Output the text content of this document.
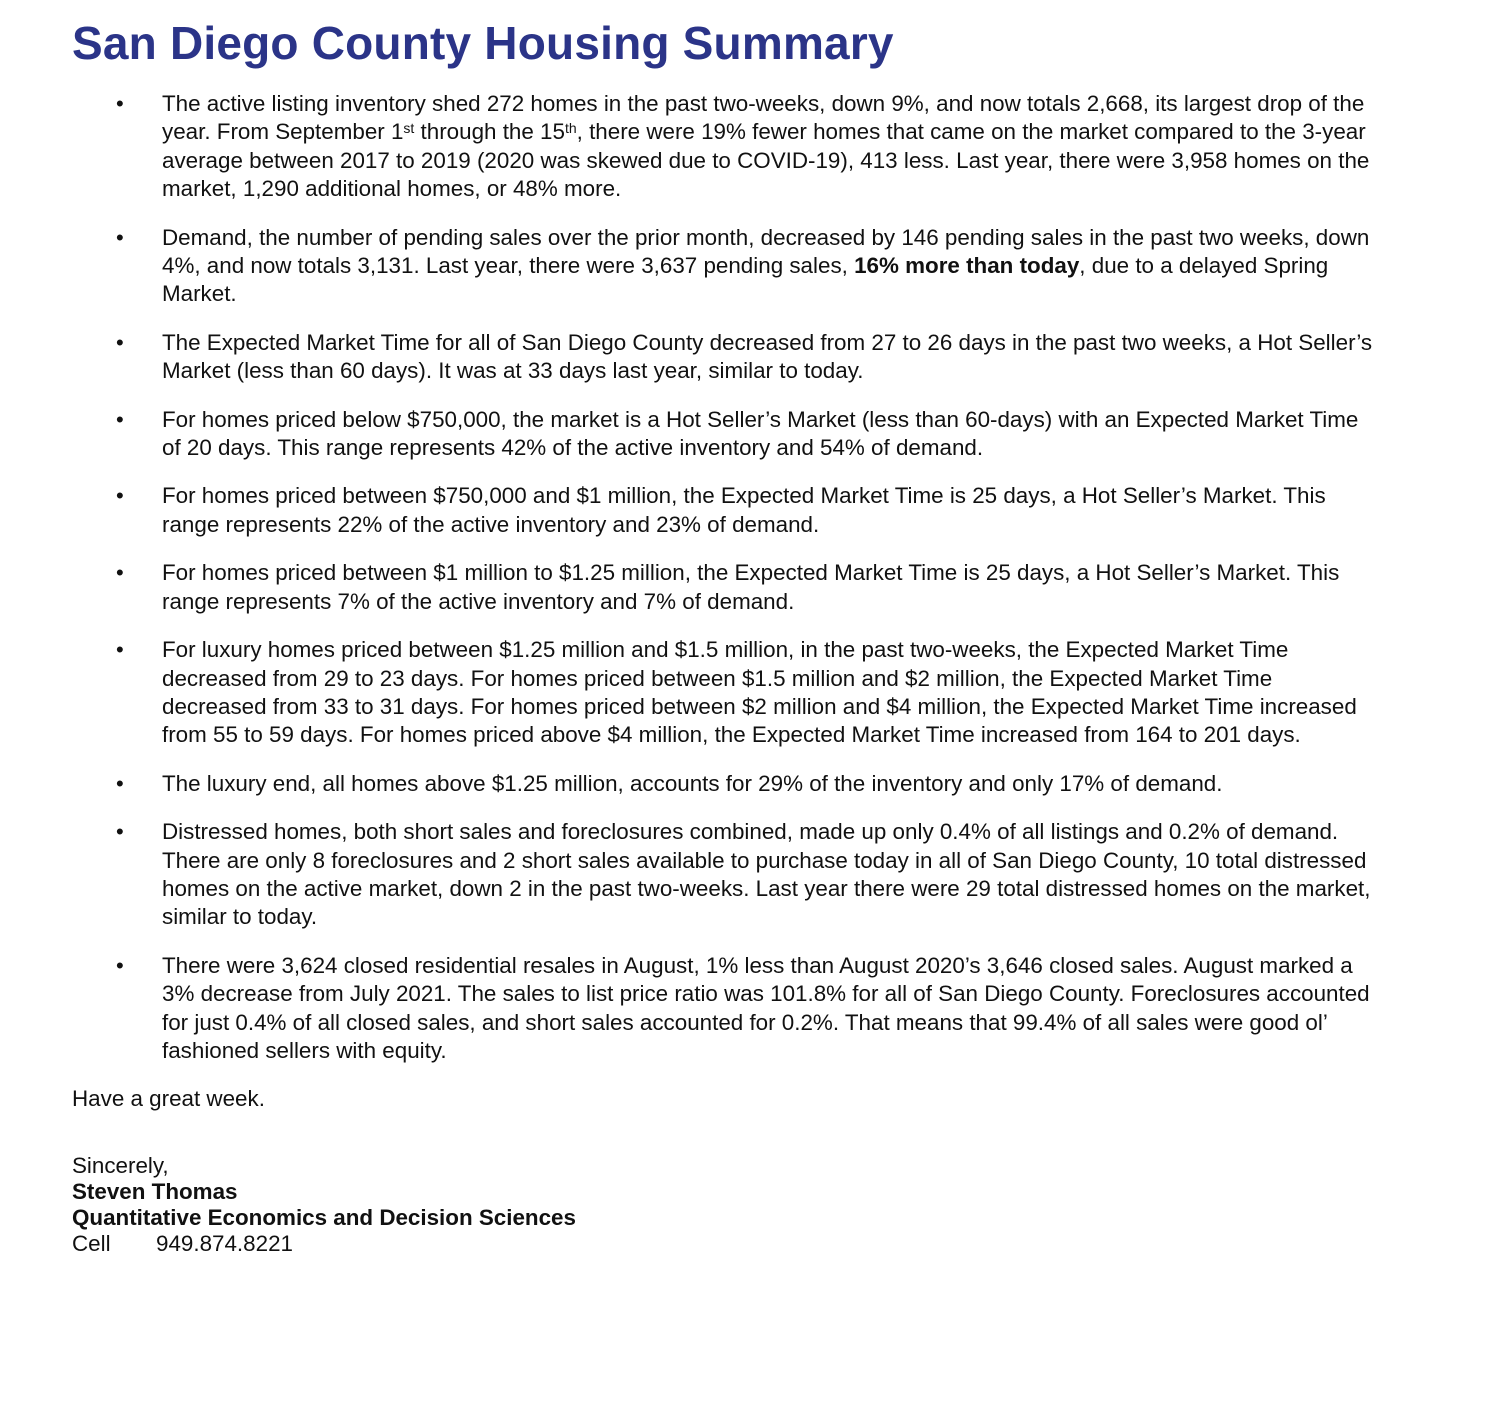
San Diego County Housing Summary
• The active listing inventory shed 272 homes in the past two-weeks, down 9%, and now totals 2,668, its largest drop of the year. From September 1st through the 15th, there were 19% fewer homes that came on the market compared to the 3-year average between 2017 to 2019 (2020 was skewed due to COVID-19), 413 less. Last year, there were 3,958 homes on the market, 1,290 additional homes, or 48% more.
• Demand, the number of pending sales over the prior month, decreased by 146 pending sales in the past two weeks, down 4%, and now totals 3,131. Last year, there were 3,637 pending sales, 16% more than today, due to a delayed Spring Market.
• The Expected Market Time for all of San Diego County decreased from 27 to 26 days in the past two weeks, a Hot Seller’s Market (less than 60 days). It was at 33 days last year, similar to today.
• For homes priced below $750,000, the market is a Hot Seller’s Market (less than 60-days) with an Expected Market Time of 20 days. This range represents 42% of the active inventory and 54% of demand.
• For homes priced between $750,000 and $1 million, the Expected Market Time is 25 days, a Hot Seller’s Market. This range represents 22% of the active inventory and 23% of demand.
• For homes priced between $1 million to $1.25 million, the Expected Market Time is 25 days, a Hot Seller’s Market. This range represents 7% of the active inventory and 7% of demand.
• For luxury homes priced between $1.25 million and $1.5 million, in the past two-weeks, the Expected Market Time decreased from 29 to 23 days. For homes priced between $1.5 million and $2 million, the Expected Market Time decreased from 33 to 31 days. For homes priced between $2 million and $4 million, the Expected Market Time increased from 55 to 59 days. For homes priced above $4 million, the Expected Market Time increased from 164 to 201 days.
• The luxury end, all homes above $1.25 million, accounts for 29% of the inventory and only 17% of demand.
• Distressed homes, both short sales and foreclosures combined, made up only 0.4% of all listings and 0.2% of demand. There are only 8 foreclosures and 2 short sales available to purchase today in all of San Diego County, 10 total distressed homes on the active market, down 2 in the past two-weeks. Last year there were 29 total distressed homes on the market, similar to today.
• There were 3,624 closed residential resales in August, 1% less than August 2020’s 3,646 closed sales. August marked a 3% decrease from July 2021. The sales to list price ratio was 101.8% for all of San Diego County. Foreclosures accounted for just 0.4% of all closed sales, and short sales accounted for 0.2%. That means that 99.4% of all sales were good ol’ fashioned sellers with equity.
Have a great week.
Sincerely,
Steven Thomas
Quantitative Economics and Decision Sciences
Cell 949.874.8221
